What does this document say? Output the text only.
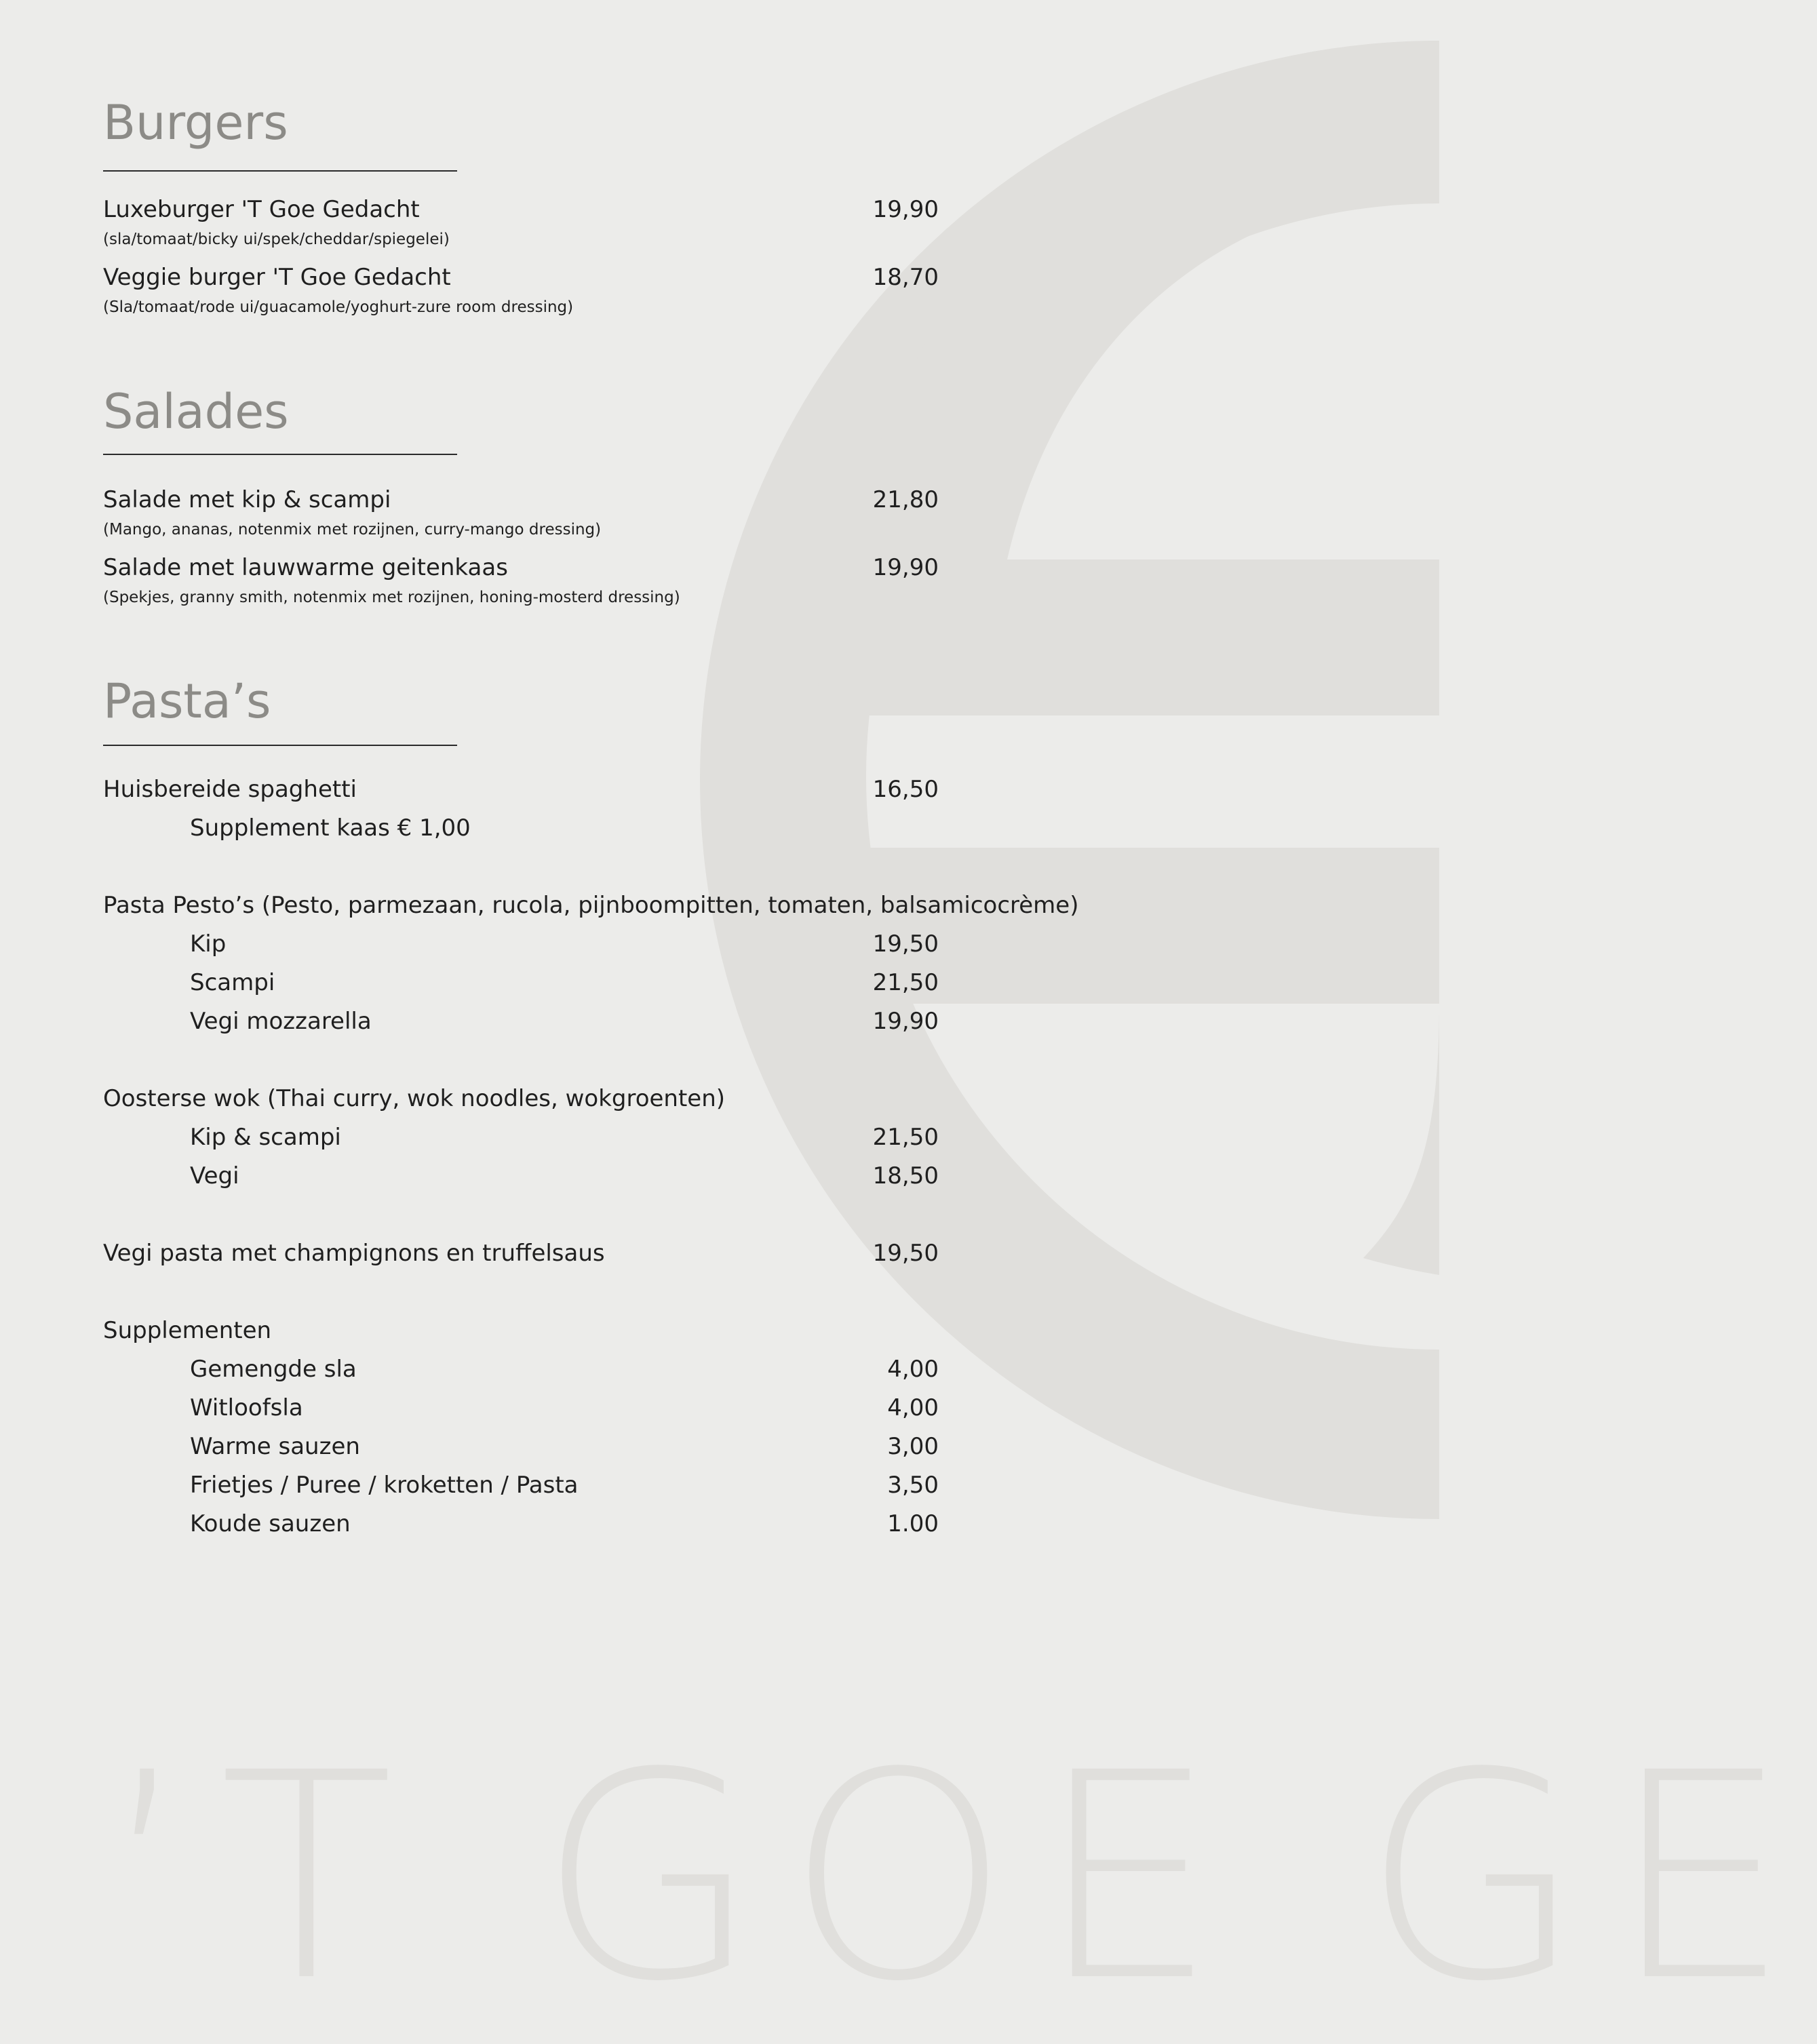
’T GOE GE
Burgers
Luxeburger 'T Goe Gedacht	19,90
(sla/tomaat/bicky ui/spek/cheddar/spiegelei)
Veggie burger 'T Goe Gedacht	18,70
(Sla/tomaat/rode ui/guacamole/yoghurt-zure room dressing)
Salades
Salade met kip & scampi	21,80
(Mango, ananas, notenmix met rozijnen, curry-mango dressing)
Salade met lauwwarme geitenkaas	19,90
(Spekjes, granny smith, notenmix met rozijnen, honing-mosterd dressing)
Pasta’s
Huisbereide spaghetti	16,50
Supplement kaas € 1,00
Pasta Pesto’s (Pesto, parmezaan, rucola, pijnboompitten, tomaten, balsamicocrème)
Kip	19,50
Scampi	21,50
Vegi mozzarella	19,90
Oosterse wok (Thai curry, wok noodles, wokgroenten)
Kip & scampi	21,50
Vegi	18,50
Vegi pasta met champignons en truffelsaus	19,50
Supplementen
Gemengde sla	4,00
Witloofsla	4,00
Warme sauzen	3,00
Frietjes / Puree / kroketten / Pasta	3,50
Koude sauzen	1.00
